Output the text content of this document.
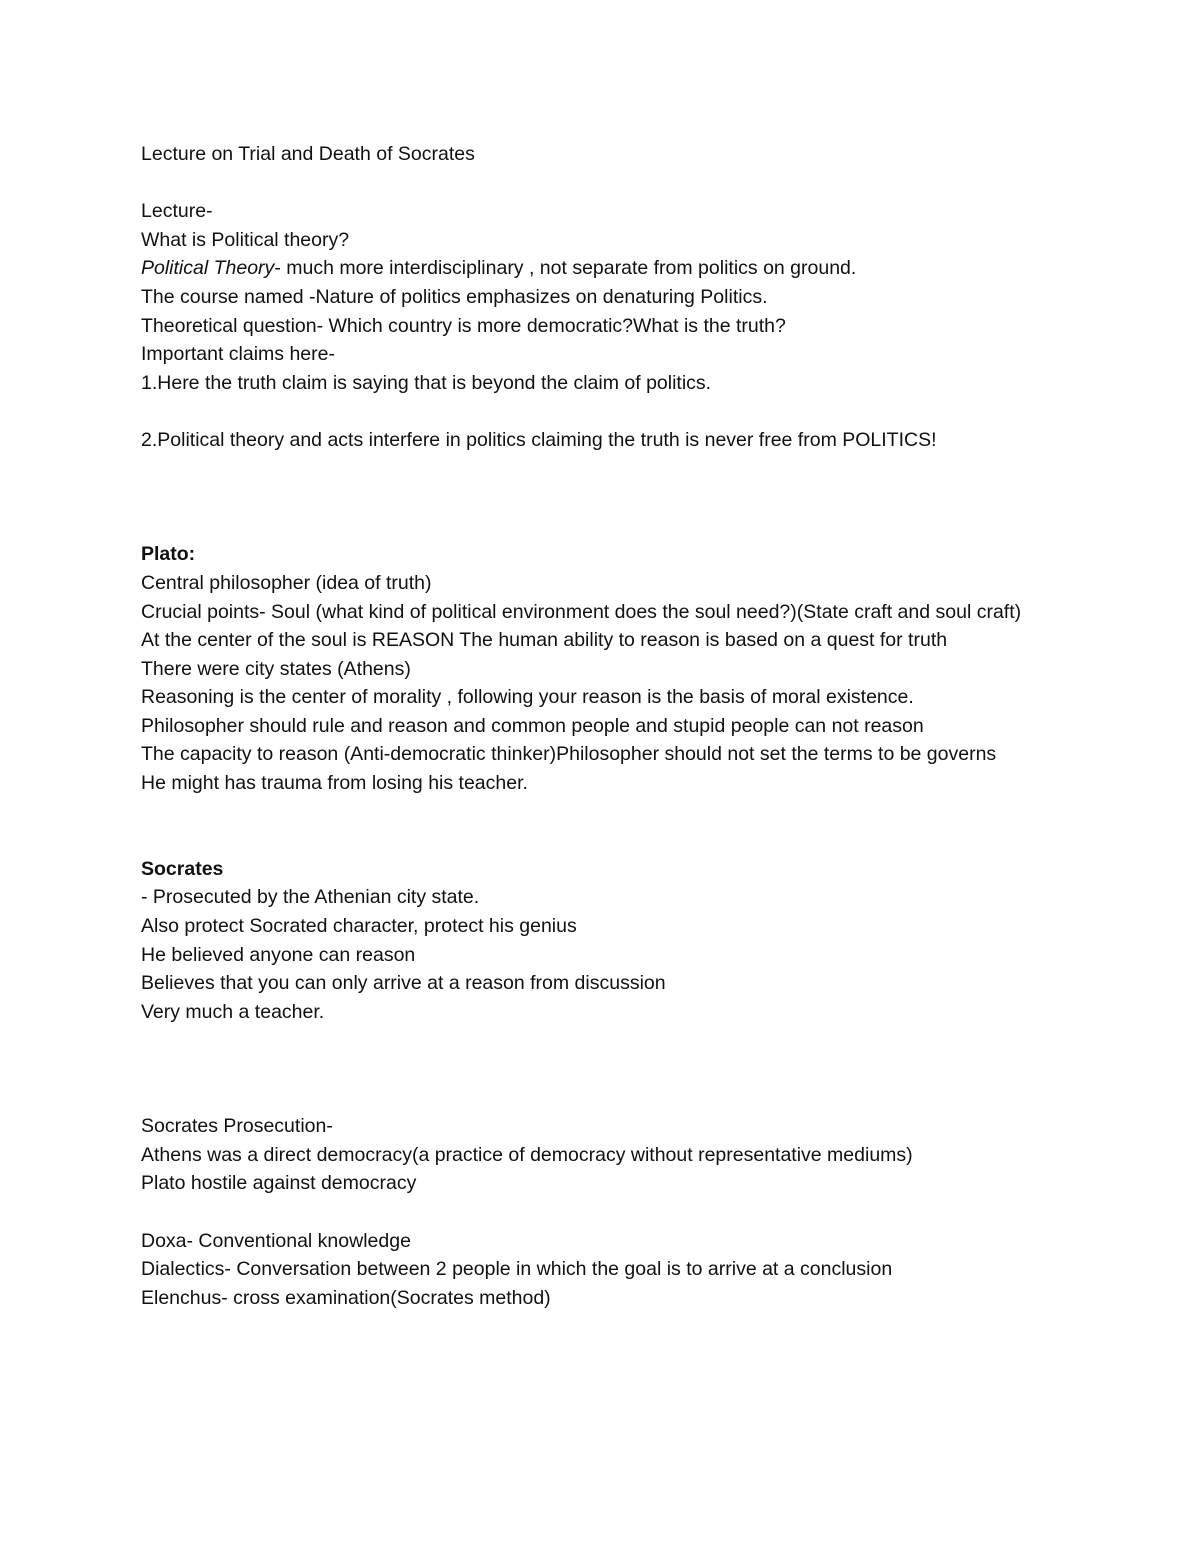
Lecture on Trial and Death of Socrates
Lecture-
What is Political theory?
Political Theory- much more interdisciplinary , not separate from politics on ground.
The course named -Nature of politics emphasizes on denaturing Politics.
Theoretical question- Which country is more democratic?What is the truth?
Important claims here-
1.Here the truth claim is saying that is beyond the claim of politics.
2.Political theory and acts interfere in politics claiming the truth is never free from POLITICS!
Plato:
Central philosopher (idea of truth)
Crucial points- Soul (what kind of political environment does the soul need?)(State craft and soul craft)
At the center of the soul is REASON The human ability to reason is based on a quest for truth
There were city states (Athens)
Reasoning is the center of morality , following your reason is the basis of moral existence.
Philosopher should rule and reason and common people and stupid people can not reason
The capacity to reason (Anti-democratic thinker)Philosopher should not set the terms to be governs
He might has trauma from losing his teacher.
Socrates
- Prosecuted by the Athenian city state.
Also protect Socrated character, protect his genius
He believed anyone can reason
Believes that you can only arrive at a reason from discussion
Very much a teacher.
Socrates Prosecution-
Athens was a direct democracy(a practice of democracy without representative mediums)
Plato hostile against democracy
Doxa- Conventional knowledge
Dialectics- Conversation between 2 people in which the goal is to arrive at a conclusion
Elenchus- cross examination(Socrates method)
